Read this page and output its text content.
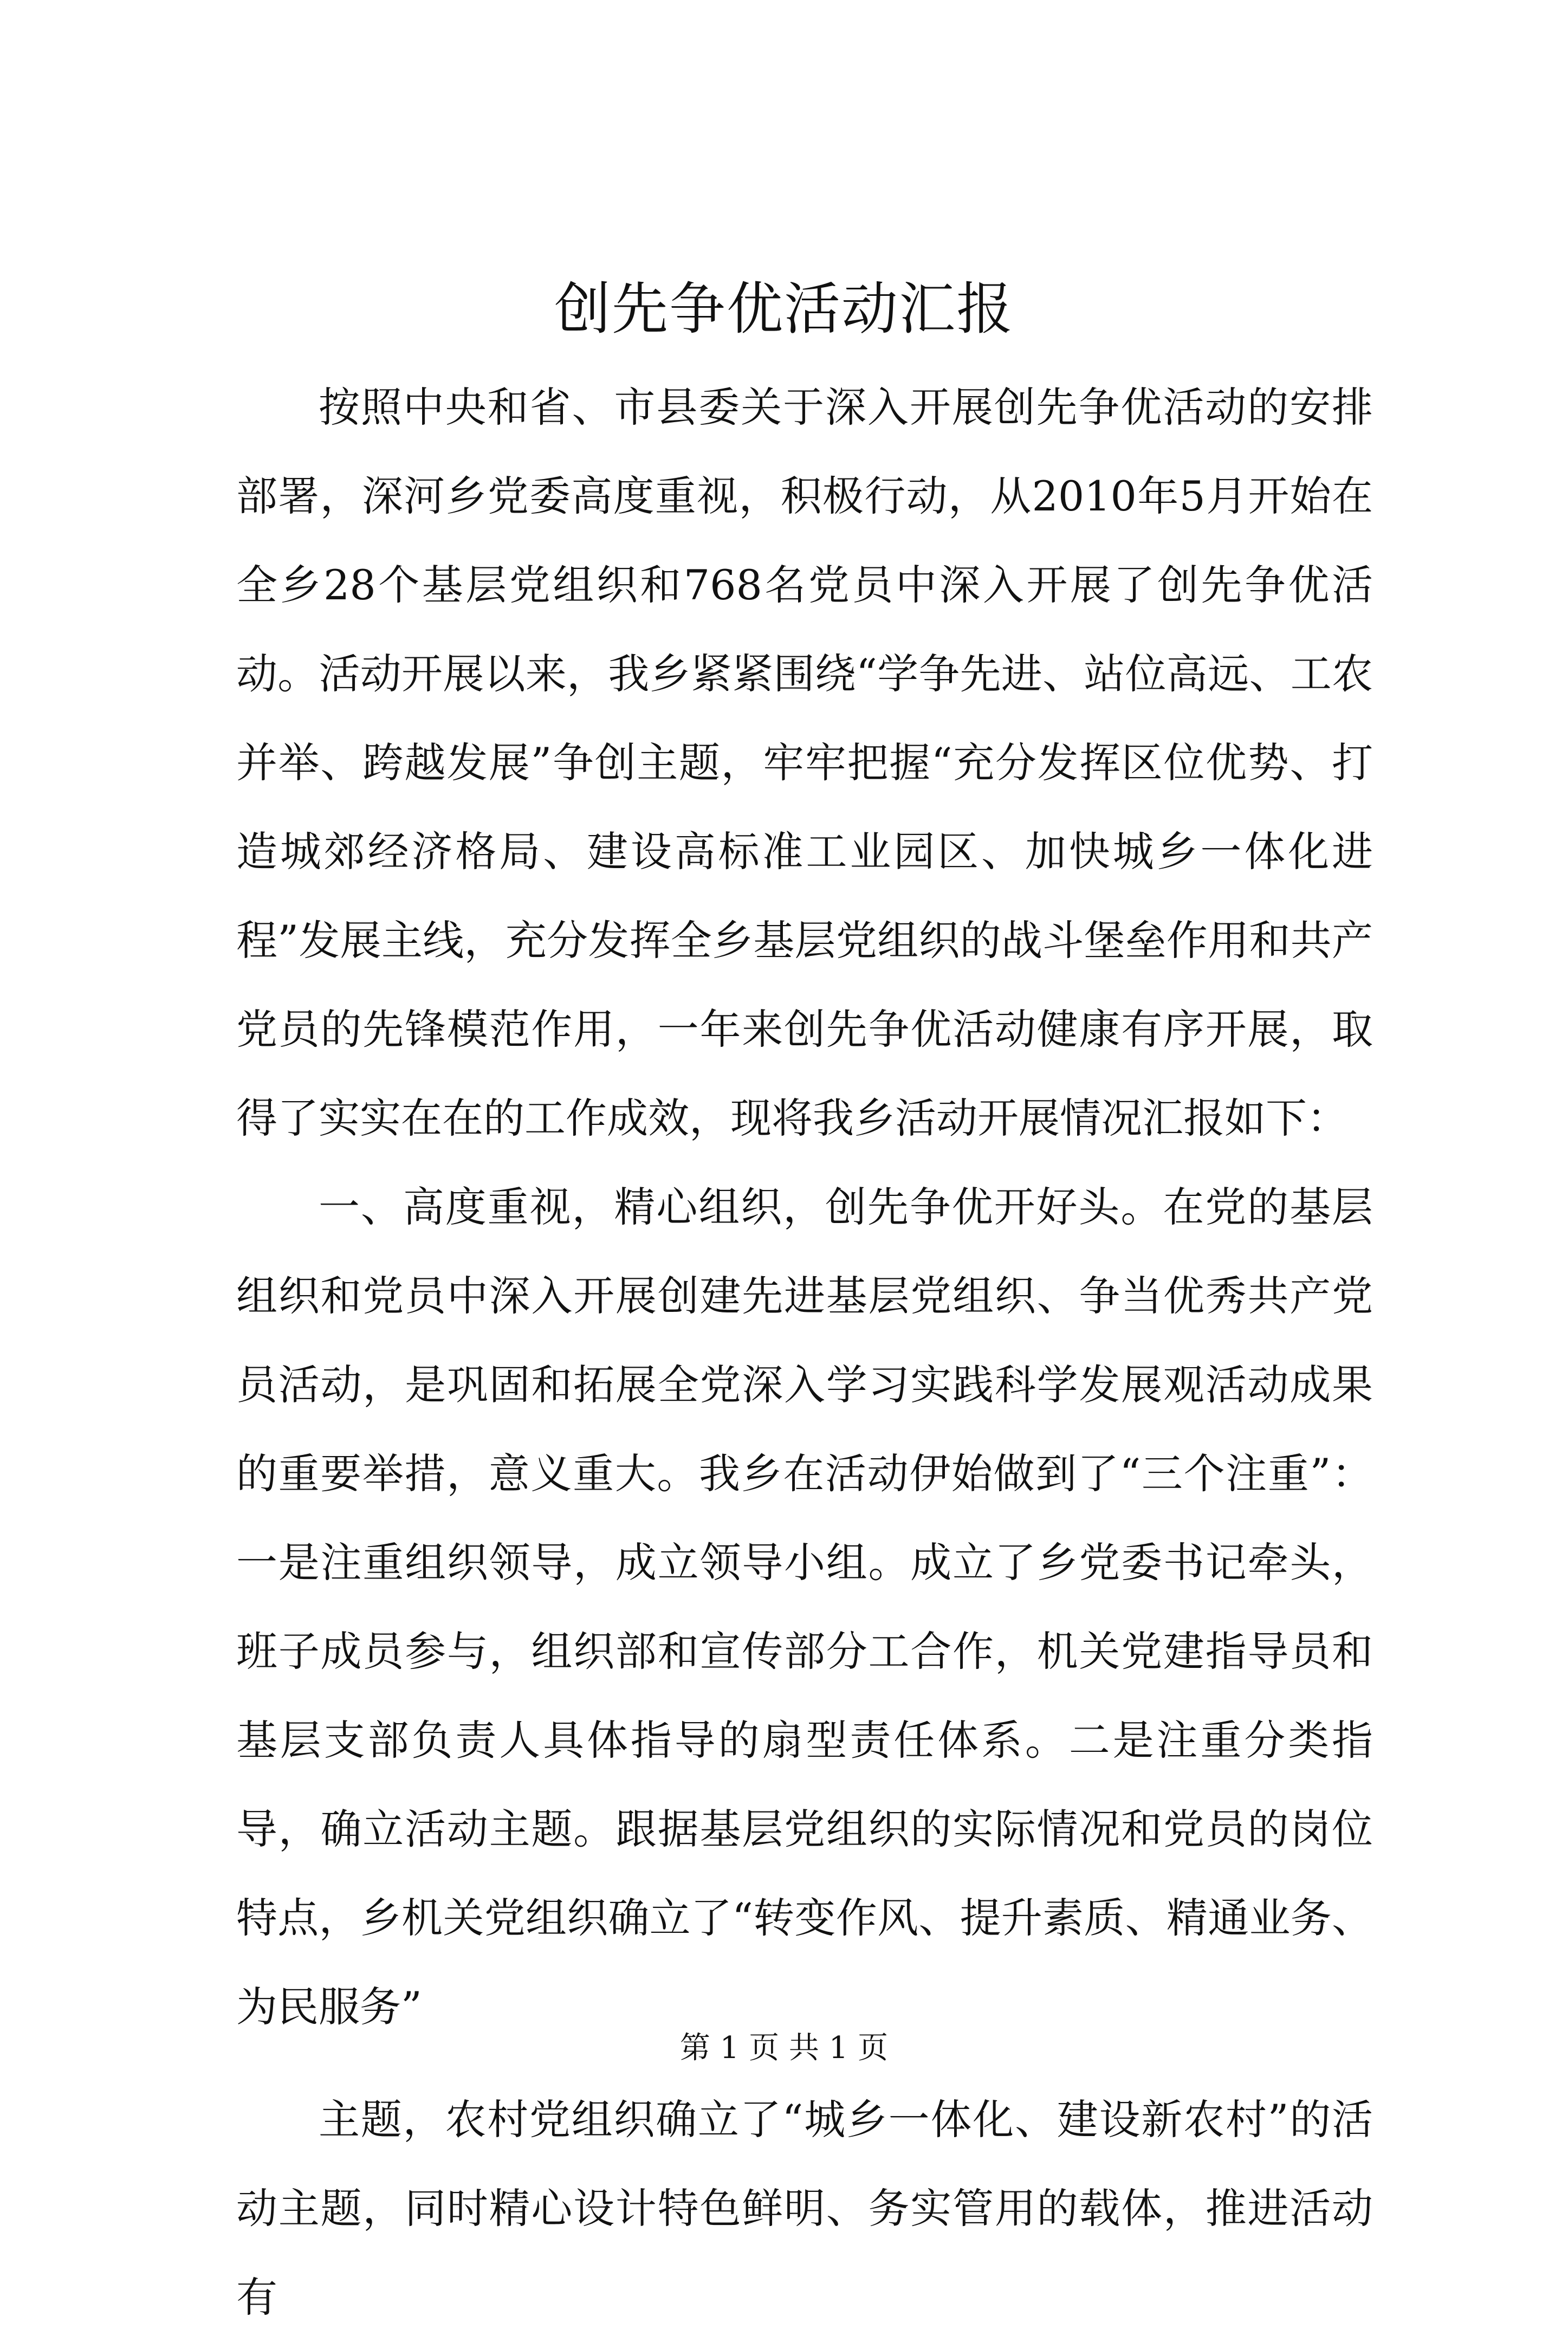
创先争优活动汇报

按照中央和省、市县委关于深入开展创先争优活动的安排部署，深河乡党委高度重视，积极行动，从2010年5月开始在全乡28个基层党组织和768名党员中深入开展了创先争优活动。活动开展以来，我乡紧紧围绕“学争先进、站位高远、工农并举、跨越发展”争创主题，牢牢把握“充分发挥区位优势、打造城郊经济格局、建设高标准工业园区、加快城乡一体化进程”发展主线，充分发挥全乡基层党组织的战斗堡垒作用和共产党员的先锋模范作用，一年来创先争优活动健康有序开展，取得了实实在在的工作成效，现将我乡活动开展情况汇报如下：

一、高度重视，精心组织，创先争优开好头。在党的基层组织和党员中深入开展创建先进基层党组织、争当优秀共产党员活动，是巩固和拓展全党深入学习实践科学发展观活动成果的重要举措，意义重大。我乡在活动伊始做到了“三个注重”：一是注重组织领导，成立领导小组。成立了乡党委书记牵头，班子成员参与，组织部和宣传部分工合作，机关党建指导员和基层支部负责人具体指导的扇型责任体系。二是注重分类指导，确立活动主题。跟据基层党组织的实际情况和党员的岗位特点，乡机关党组织确立了“转变作风、提升素质、精通业务、为民服务”

主题，农村党组织确立了“城乡一体化、建设新农村”的活动主题，同时精心设计特色鲜明、务实管用的载体，推进活动有

第 1 页 共 1 页
